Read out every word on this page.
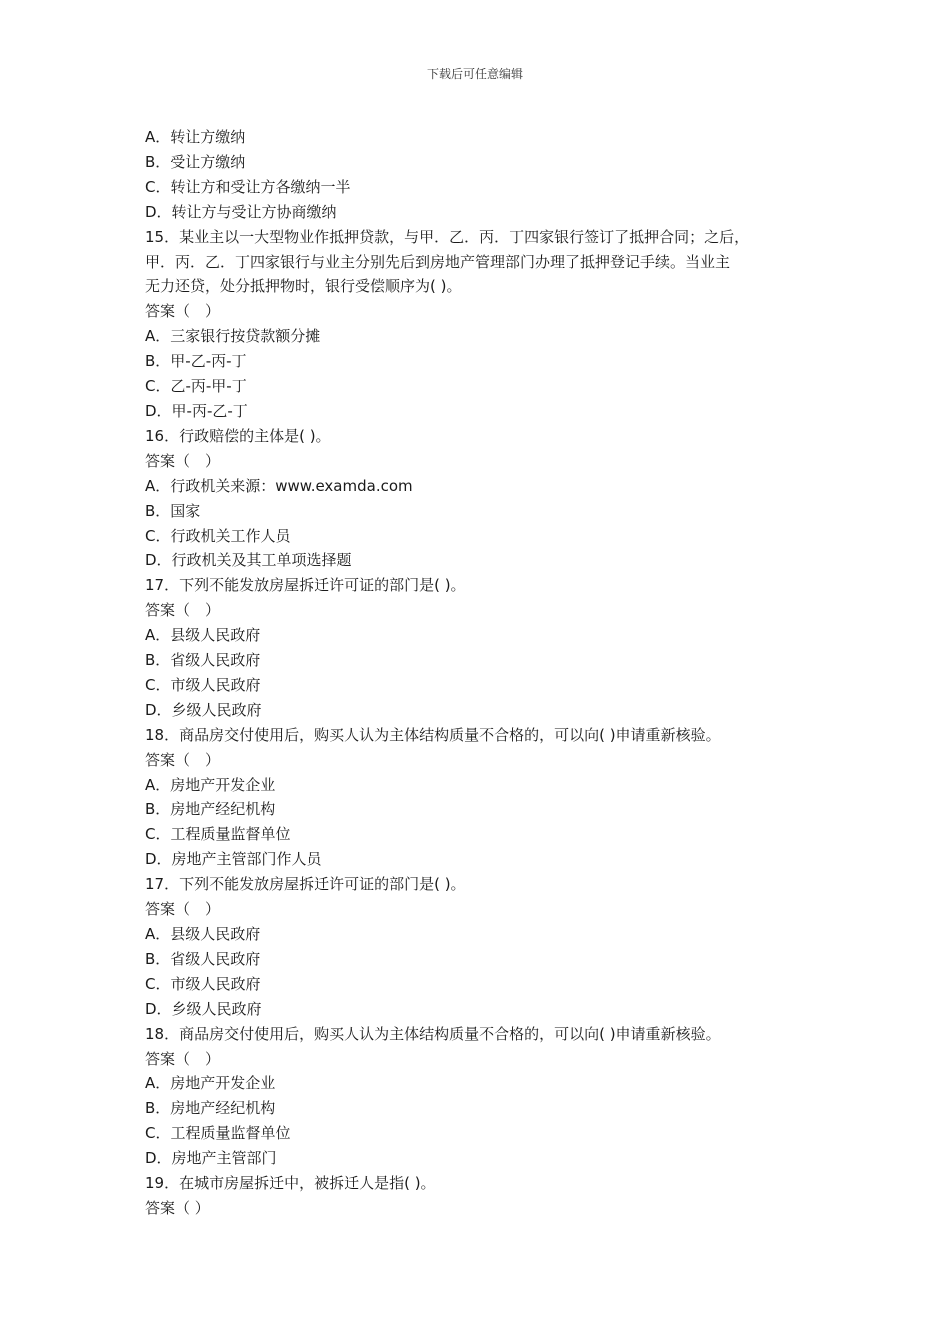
下载后可任意编辑
A．转让方缴纳
B．受让方缴纳
C．转让方和受让方各缴纳一半
D．转让方与受让方协商缴纳
15．某业主以一大型物业作抵押贷款，与甲．乙．丙．丁四家银行签订了抵押合同；之后，
甲．丙．乙．丁四家银行与业主分别先后到房地产管理部门办理了抵押登记手续。当业主
无力还贷，处分抵押物时，银行受偿顺序为( )。
答案（　）
A．三家银行按贷款额分摊
B．甲-乙-丙-丁
C．乙-丙-甲-丁
D．甲-丙-乙-丁
16．行政赔偿的主体是( )。
答案（　）
A．行政机关来源：www.examda.com
B．国家
C．行政机关工作人员
D．行政机关及其工单项选择题
17．下列不能发放房屋拆迁许可证的部门是( )。
答案（　）
A．县级人民政府
B．省级人民政府
C．市级人民政府
D．乡级人民政府
18．商品房交付使用后，购买人认为主体结构质量不合格的，可以向( )申请重新核验。
答案（　）
A．房地产开发企业
B．房地产经纪机构
C．工程质量监督单位
D．房地产主管部门作人员
17．下列不能发放房屋拆迁许可证的部门是( )。
答案（　）
A．县级人民政府
B．省级人民政府
C．市级人民政府
D．乡级人民政府
18．商品房交付使用后，购买人认为主体结构质量不合格的，可以向( )申请重新核验。
答案（　）
A．房地产开发企业
B．房地产经纪机构
C．工程质量监督单位
D．房地产主管部门
19．在城市房屋拆迁中，被拆迁人是指( )。
答案（ ）
